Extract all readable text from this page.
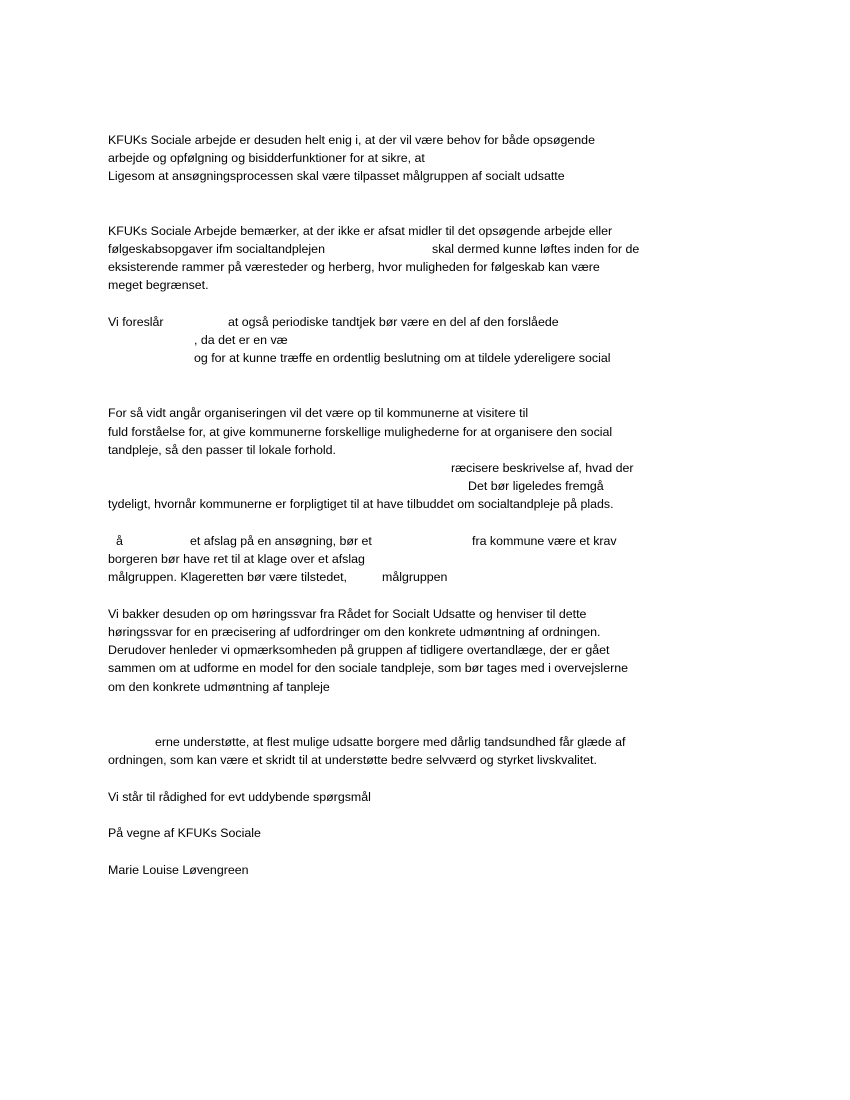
KFUKs Sociale arbejde er desuden helt enig i, at der vil være behov for både opsøgende

arbejde og opfølgning og bisidderfunktioner for at sikre, at

Ligesom at ansøgningsprocessen skal være tilpasset målgruppen af socialt udsatte

KFUKs Sociale Arbejde bemærker, at der ikke er afsat midler til det opsøgende arbejde eller

følgeskabsopgaver ifm socialtandplejen	skal dermed kunne løftes inden for de

eksisterende rammer på væresteder og herberg, hvor muligheden for følgeskab kan være

meget begrænset.

Vi foreslår	at også periodiske tandtjek bør være en del af den forslåede

, da det er en væ

og for at kunne træffe en ordentlig beslutning om at tildele ydereligere social

For så vidt angår organiseringen vil det være op til kommunerne at visitere til

fuld forståelse for, at give kommunerne forskellige mulighederne for at organisere den social

tandpleje, så den passer til lokale forhold.

ræcisere beskrivelse af, hvad der

Det bør ligeledes fremgå

tydeligt, hvornår kommunerne er forpligtiget til at have tilbuddet om socialtandpleje på plads.

å	et afslag på en ansøgning, bør et	fra kommune være et krav

borgeren bør have ret til at klage over et afslag

målgruppen. Klageretten bør være tilstedet,	målgruppen

Vi bakker desuden op om høringssvar fra Rådet for Socialt Udsatte og henviser til dette

høringssvar for en præcisering af udfordringer om den konkrete udmøntning af ordningen.

Derudover henleder vi opmærksomheden på gruppen af tidligere overtandlæge, der er gået

sammen om at udforme en model for den sociale tandpleje, som bør tages med i overvejslerne

om den konkrete udmøntning af tanpleje

erne understøtte, at flest mulige udsatte borgere med dårlig tandsundhed får glæde af

ordningen, som kan være et skridt til at understøtte bedre selvværd og styrket livskvalitet.

Vi står til rådighed for evt uddybende spørgsmål

På vegne af KFUKs Sociale

Marie Louise Løvengreen
